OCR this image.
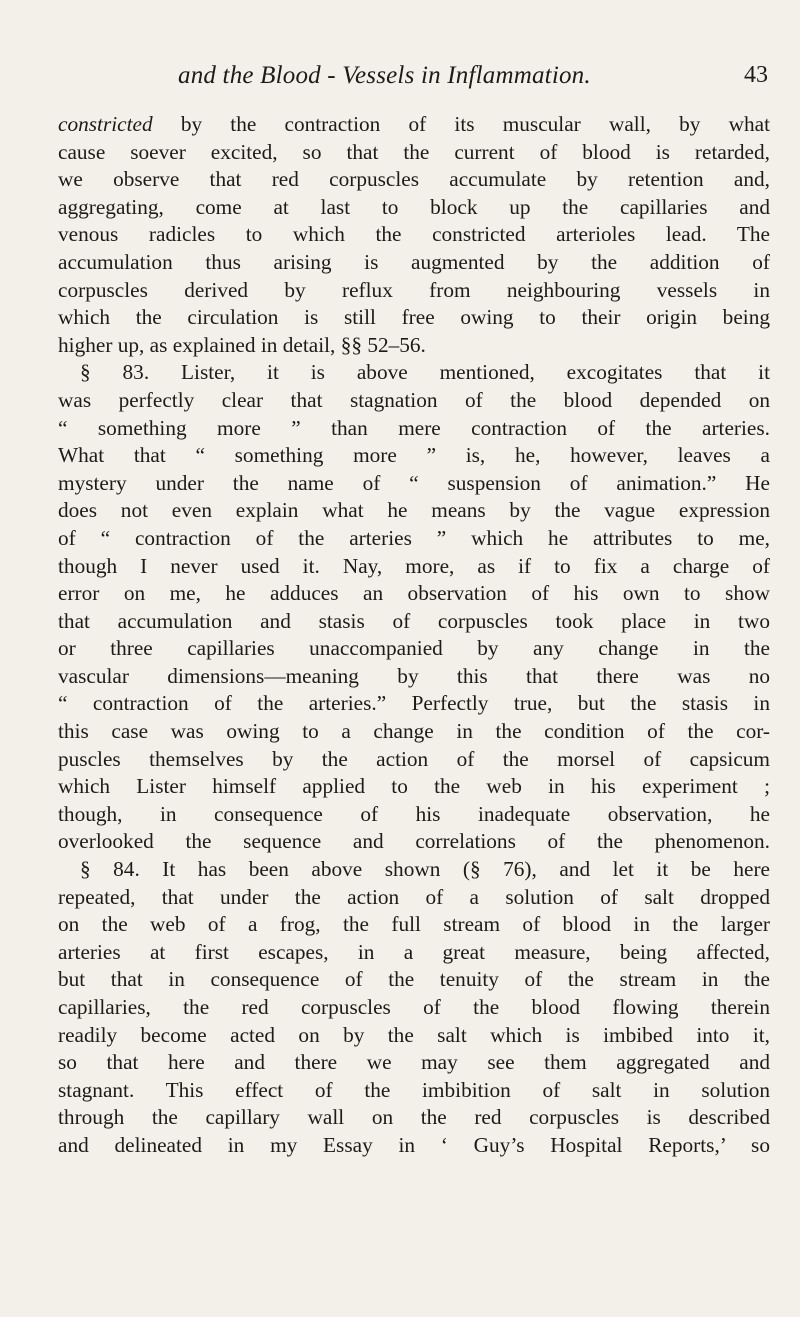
and the Blood - Vessels in Inflammation.	43
constricted by the contraction of its muscular wall, by what
cause soever excited, so that the current of blood is retarded,
we observe that red corpuscles accumulate by retention and,
aggregating, come at last to block up the capillaries and
venous radicles to which the constricted arterioles lead. The
accumulation thus arising is augmented by the addition of
corpuscles derived by reflux from neighbouring vessels in
which the circulation is still free owing to their origin being
higher up, as explained in detail, §§ 52–56.
§ 83. Lister, it is above mentioned, excogitates that it
was perfectly clear that stagnation of the blood depended on
“ something more ” than mere contraction of the arteries.
What that “ something more ” is, he, however, leaves a
mystery under the name of “ suspension of animation.” He
does not even explain what he means by the vague expression
of “ contraction of the arteries ” which he attributes to me,
though I never used it. Nay, more, as if to fix a charge of
error on me, he adduces an observation of his own to show
that accumulation and stasis of corpuscles took place in two
or three capillaries unaccompanied by any change in the
vascular dimensions—meaning by this that there was no
“ contraction of the arteries.” Perfectly true, but the stasis in
this case was owing to a change in the condition of the cor-
puscles themselves by the action of the morsel of capsicum
which Lister himself applied to the web in his experiment ;
though, in consequence of his inadequate observation, he
overlooked the sequence and correlations of the phenomenon.
§ 84. It has been above shown (§ 76), and let it be here
repeated, that under the action of a solution of salt dropped
on the web of a frog, the full stream of blood in the larger
arteries at first escapes, in a great measure, being affected,
but that in consequence of the tenuity of the stream in the
capillaries, the red corpuscles of the blood flowing therein
readily become acted on by the salt which is imbibed into it,
so that here and there we may see them aggregated and
stagnant. This effect of the imbibition of salt in solution
through the capillary wall on the red corpuscles is described
and delineated in my Essay in ‘ Guy’s Hospital Reports,’ so
